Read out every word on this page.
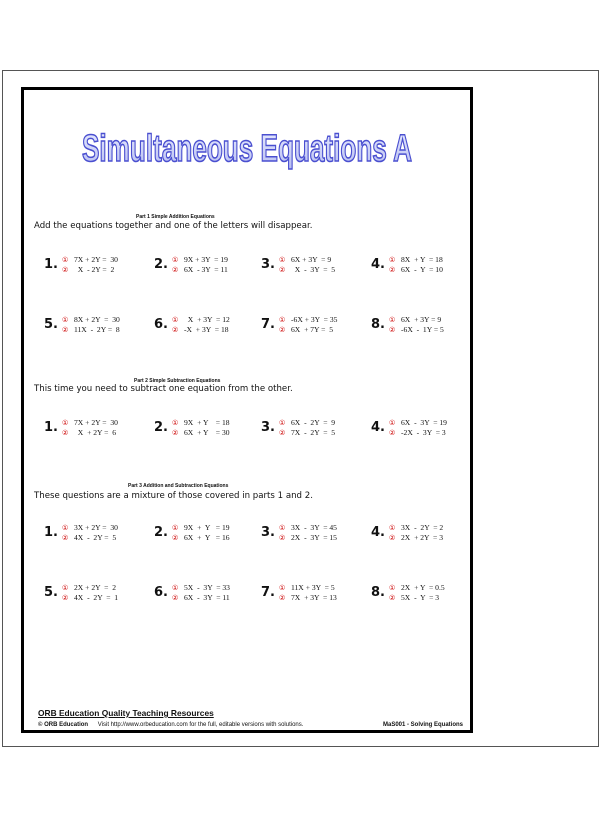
Simultaneous Equations A
Part 1 Simple Addition Equations
Add the equations together and one of the letters will disappear.
1. ①
②
7X + 2Y =  30
X  - 2Y =  2	2. ①
②
9X + 3Y  = 19
6X  - 3Y  = 11	3. ①
②
6X + 3Y  = 9
X  -  3Y  =  5	4. ①
②
8X  + Y  = 18
6X  -  Y  = 10
5. ①
②
8X + 2Y  =  30
11X  -  2Y =  8	6. ①
②
X  + 3Y  = 12
-X  + 3Y  = 18 7. ①
②
-6X + 3Y  = 35
6X  + 7Y =  5	8. ①
②
6X  + 3Y = 9
-6X  -  1Y = 5
Part 2 Simple Subtraction Equations
This time you need to subtract one equation from the other.
1. ①
②
7X + 2Y =  30
X  + 2Y =  6	2. ①
②
9X  + Y    = 18
6X  + Y    = 30 3. ①
②
6X  -  2Y  =  9
7X  -  2Y  =  5	4. ①
②
6X  -  3Y  = 19
-2X  -  3Y  = 3
Part 3 Addition and Subtraction Equations
These questions are a mixture of those covered in parts 1 and 2.
1. ①
②
3X + 2Y =  30
4X  -  2Y =  5	2. ①
②
9X  +  Y   = 19
6X  +  Y   = 16 3. ①
②
3X  -  3Y  = 45
2X  -  3Y  = 15	4. ①
②
3X  -  2Y  = 2
2X  + 2Y  = 3
5. ①
②
2X + 2Y  =  2
4X  -  2Y  =  1	6. ①
②
5X  -  3Y  = 33
6X  -  3Y  = 11 7. ①
②
11X + 3Y  = 5
7X  + 3Y  = 13	8. ①
②
2X  + Y  = 0.5
5X  -  Y  = 3
ORB Education Quality Teaching Resources
© ORB Education Visit http://www.orbeducation.com for the full, editable versions with solutions.	MaS001 - Solving Equations
